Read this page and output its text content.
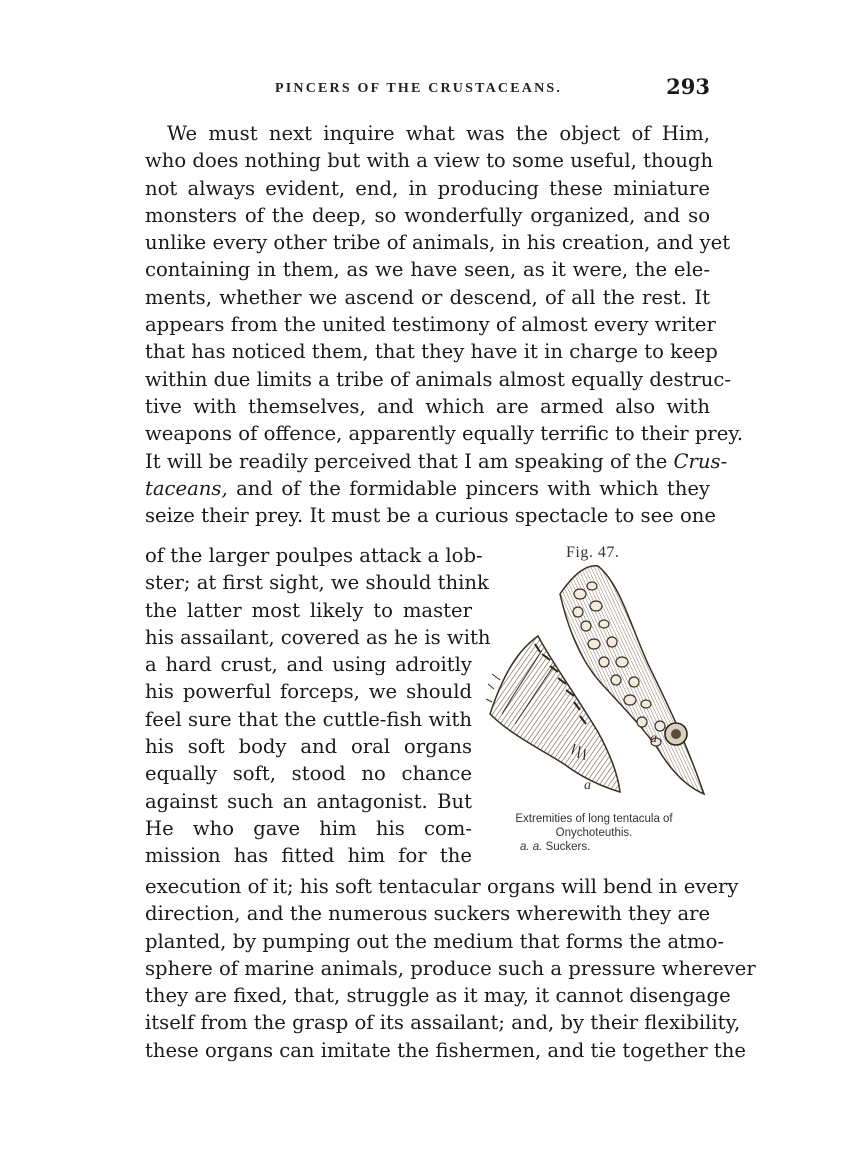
PINCERS OF THE CRUSTACEANS.	293
We must next inquire what was the object of Him,
who does nothing but with a view to some useful, though
not always evident, end, in producing these miniature
monsters of the deep, so wonderfully organized, and so
unlike every other tribe of animals, in his creation, and yet
containing in them, as we have seen, as it were, the ele-
ments, whether we ascend or descend, of all the rest. It
appears from the united testimony of almost every writer
that has noticed them, that they have it in charge to keep
within due limits a tribe of animals almost equally destruc-
tive with themselves, and which are armed also with
weapons of offence, apparently equally terrific to their prey.
It will be readily perceived that I am speaking of the Crus-
taceans, and of the formidable pincers with which they
seize their prey. It must be a curious spectacle to see one
of the larger poulpes attack a lob-
ster; at first sight, we should think
the latter most likely to master
his assailant, covered as he is with
a hard crust, and using adroitly
his powerful forceps, we should
feel sure that the cuttle-fish with
his soft body and oral organs
equally soft, stood no chance
against such an antagonist. But
He who gave him his com-
mission has fitted him for the
Fig. 47.
a
a
Extremities of long tentacula of
Onychoteuthis.
a. a. Suckers.
execution of it; his soft tentacular organs will bend in every
direction, and the numerous suckers wherewith they are
planted, by pumping out the medium that forms the atmo-
sphere of marine animals, produce such a pressure wherever
they are fixed, that, struggle as it may, it cannot disengage
itself from the grasp of its assailant; and, by their flexibility,
these organs can imitate the fishermen, and tie together the
